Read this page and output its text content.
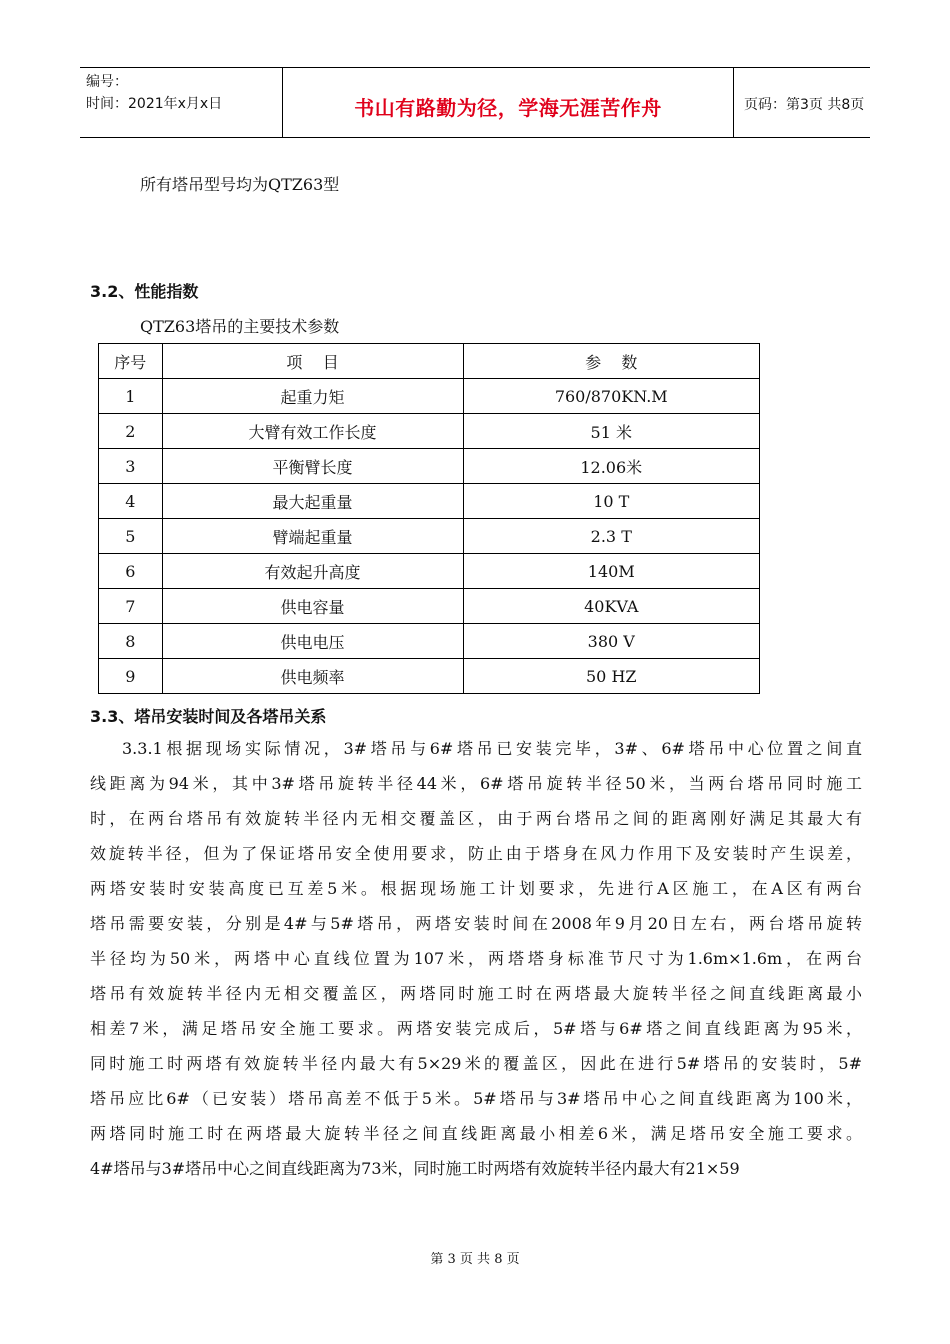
编号：
时间：2021年x月x日	书山有路勤为径，学海无涯苦作舟	页码：第3页 共8页
所有塔吊型号均为QTZ63型
3.2、性能指数
QTZ63塔吊的主要技术参数
序号	项    目	参    数
1	起重力矩	760/870KN.M
2	大臂有效工作长度	51 米
3	平衡臂长度	12.06米
4	最大起重量	10 T
5	臂端起重量	2.3 T
6	有效起升高度	140M
7	供电容量	40KVA
8	供电电压	380 V
9	供电频率	50 HZ
3.3、塔吊安装时间及各塔吊关系
3.3.1根据现场实际情况，3#塔吊与6#塔吊已安装完毕，3#、6#塔吊中心位置之间直
线距离为94米，其中3#塔吊旋转半径44米，6#塔吊旋转半径50米，当两台塔吊同时施工
时，在两台塔吊有效旋转半径内无相交覆盖区，由于两台塔吊之间的距离刚好满足其最大有
效旋转半径，但为了保证塔吊安全使用要求，防止由于塔身在风力作用下及安装时产生误差，
两塔安装时安装高度已互差5米。根据现场施工计划要求，先进行A区施工，在A区有两台
塔吊需要安装，分别是4#与5#塔吊，两塔安装时间在2008年9月20日左右，两台塔吊旋转
半径均为50米，两塔中心直线位置为107米，两塔塔身标准节尺寸为1.6m×1.6m，在两台
塔吊有效旋转半径内无相交覆盖区，两塔同时施工时在两塔最大旋转半径之间直线距离最小
相差7米，满足塔吊安全施工要求。两塔安装完成后，5#塔与6#塔之间直线距离为95米，
同时施工时两塔有效旋转半径内最大有5×29米的覆盖区，因此在进行5#塔吊的安装时，5#
塔吊应比6#（已安装）塔吊高差不低于5米。5#塔吊与3#塔吊中心之间直线距离为100米，
两塔同时施工时在两塔最大旋转半径之间直线距离最小相差6米，满足塔吊安全施工要求。
4#塔吊与3#塔吊中心之间直线距离为73米，同时施工时两塔有效旋转半径内最大有21×59
第 3 页 共 8 页
